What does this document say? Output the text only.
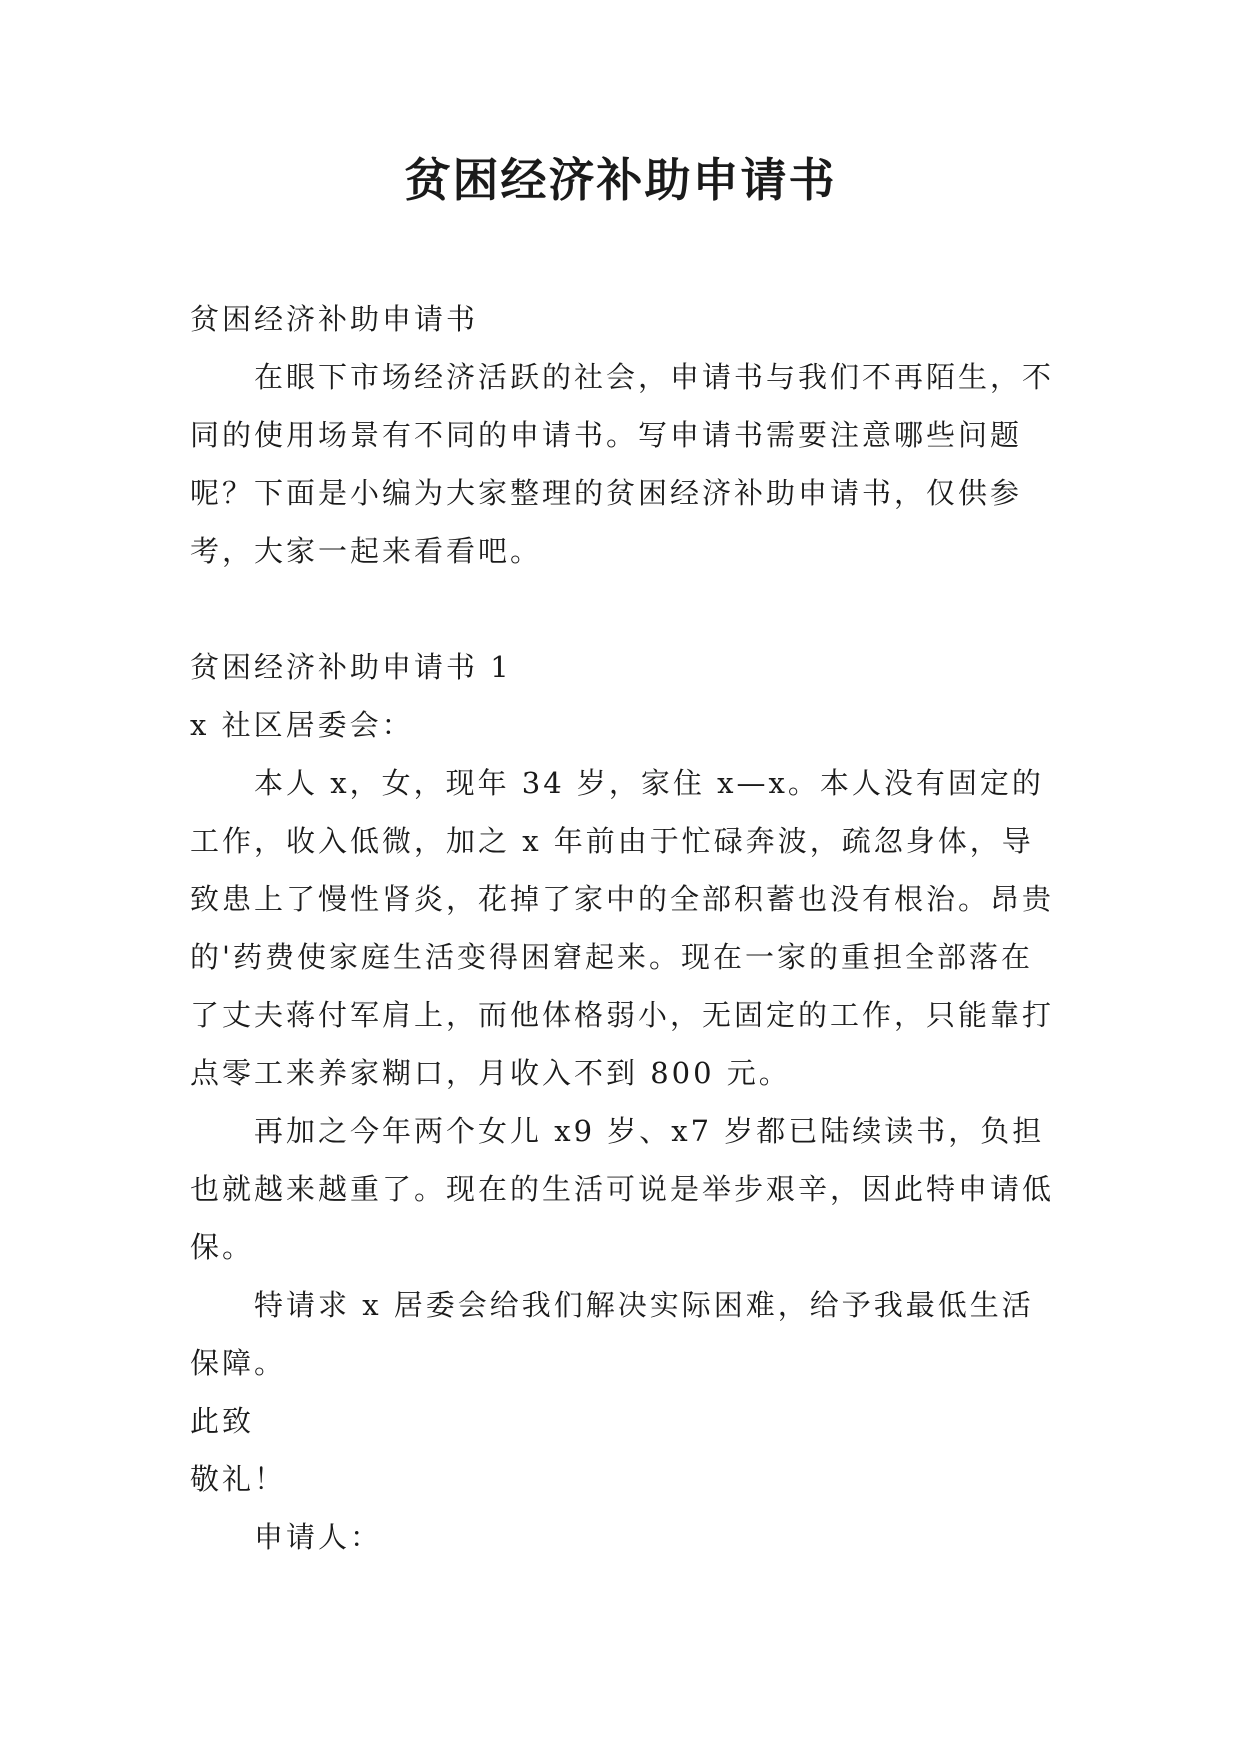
贫困经济补助申请书

贫困经济补助申请书

在眼下市场经济活跃的社会，申请书与我们不再陌生，不同的使用场景有不同的申请书。写申请书需要注意哪些问题呢？下面是小编为大家整理的贫困经济补助申请书，仅供参考，大家一起来看看吧。

贫困经济补助申请书 1

x 社区居委会：

本人 x，女，现年 34 岁，家住 x—x。本人没有固定的工作，收入低微，加之 x 年前由于忙碌奔波，疏忽身体，导致患上了慢性肾炎，花掉了家中的全部积蓄也没有根治。昂贵的'药费使家庭生活变得困窘起来。现在一家的重担全部落在了丈夫蒋付军肩上，而他体格弱小，无固定的工作，只能靠打点零工来养家糊口，月收入不到 800 元。

再加之今年两个女儿 x9 岁、x7 岁都已陆续读书，负担也就越来越重了。现在的生活可说是举步艰辛，因此特申请低保。

特请求 x 居委会给我们解决实际困难，给予我最低生活保障。

此致

敬礼！

申请人：
